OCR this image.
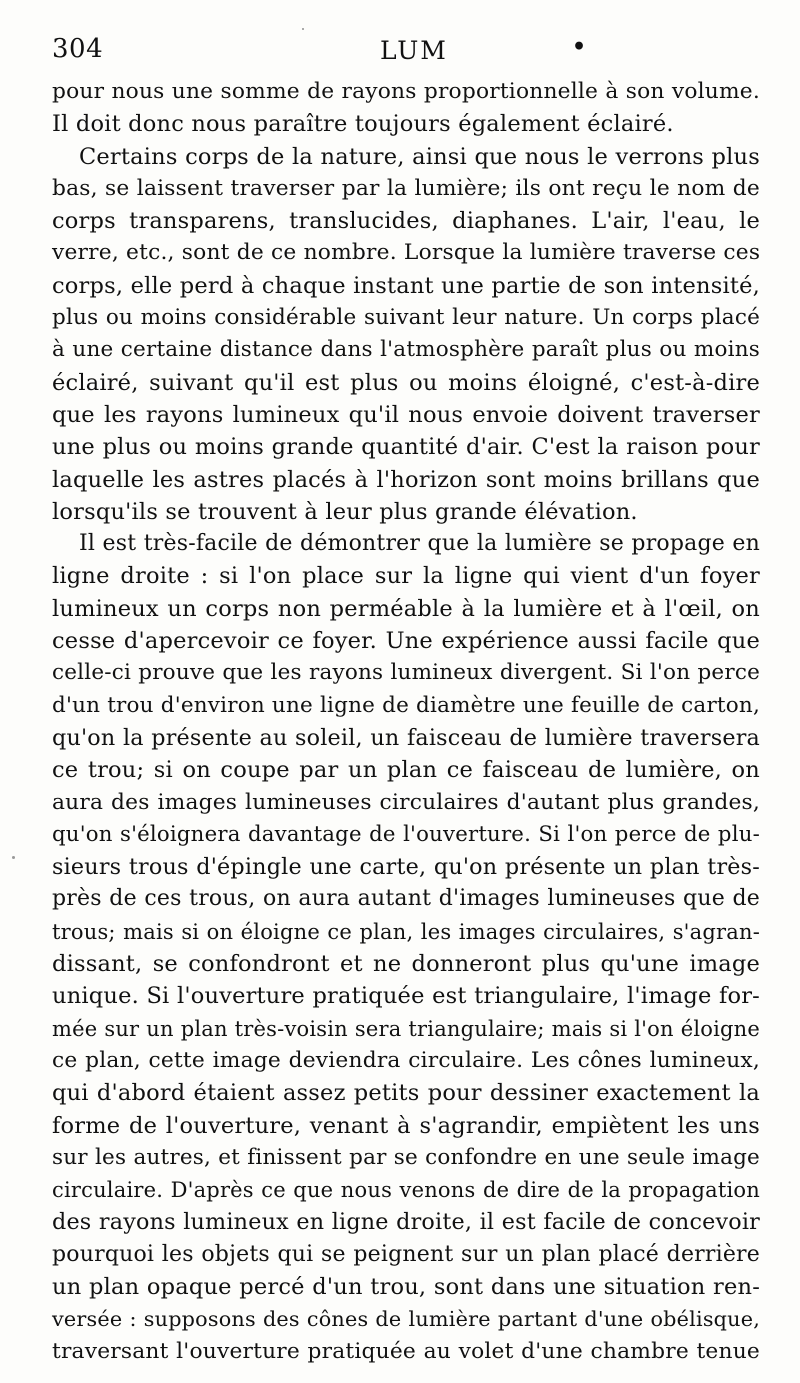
304	LUM	•
pour nous une somme de rayons proportionnelle à son volume.
Il doit donc nous paraître toujours également éclairé.
Certains corps de la nature, ainsi que nous le verrons plus
bas, se laissent traverser par la lumière; ils ont reçu le nom de
corps transparens, translucides, diaphanes. L'air, l'eau, le
verre, etc., sont de ce nombre. Lorsque la lumière traverse ces
corps, elle perd à chaque instant une partie de son intensité,
plus ou moins considérable suivant leur nature. Un corps placé
à une certaine distance dans l'atmosphère paraît plus ou moins
éclairé, suivant qu'il est plus ou moins éloigné, c'est-à-dire
que les rayons lumineux qu'il nous envoie doivent traverser
une plus ou moins grande quantité d'air. C'est la raison pour
laquelle les astres placés à l'horizon sont moins brillans que
lorsqu'ils se trouvent à leur plus grande élévation.
Il est très-facile de démontrer que la lumière se propage en
ligne droite : si l'on place sur la ligne qui vient d'un foyer
lumineux un corps non perméable à la lumière et à l'œil, on
cesse d'apercevoir ce foyer. Une expérience aussi facile que
celle-ci prouve que les rayons lumineux divergent. Si l'on perce
d'un trou d'environ une ligne de diamètre une feuille de carton,
qu'on la présente au soleil, un faisceau de lumière traversera
ce trou; si on coupe par un plan ce faisceau de lumière, on
aura des images lumineuses circulaires d'autant plus grandes,
qu'on s'éloignera davantage de l'ouverture. Si l'on perce de plu-
sieurs trous d'épingle une carte, qu'on présente un plan très-
près de ces trous, on aura autant d'images lumineuses que de
trous; mais si on éloigne ce plan, les images circulaires, s'agran-
dissant, se confondront et ne donneront plus qu'une image
unique. Si l'ouverture pratiquée est triangulaire, l'image for-
mée sur un plan très-voisin sera triangulaire; mais si l'on éloigne
ce plan, cette image deviendra circulaire. Les cônes lumineux,
qui d'abord étaient assez petits pour dessiner exactement la
forme de l'ouverture, venant à s'agrandir, empiètent les uns
sur les autres, et finissent par se confondre en une seule image
circulaire. D'après ce que nous venons de dire de la propagation
des rayons lumineux en ligne droite, il est facile de concevoir
pourquoi les objets qui se peignent sur un plan placé derrière
un plan opaque percé d'un trou, sont dans une situation ren-
versée : supposons des cônes de lumière partant d'une obélisque,
traversant l'ouverture pratiquée au volet d'une chambre tenue
